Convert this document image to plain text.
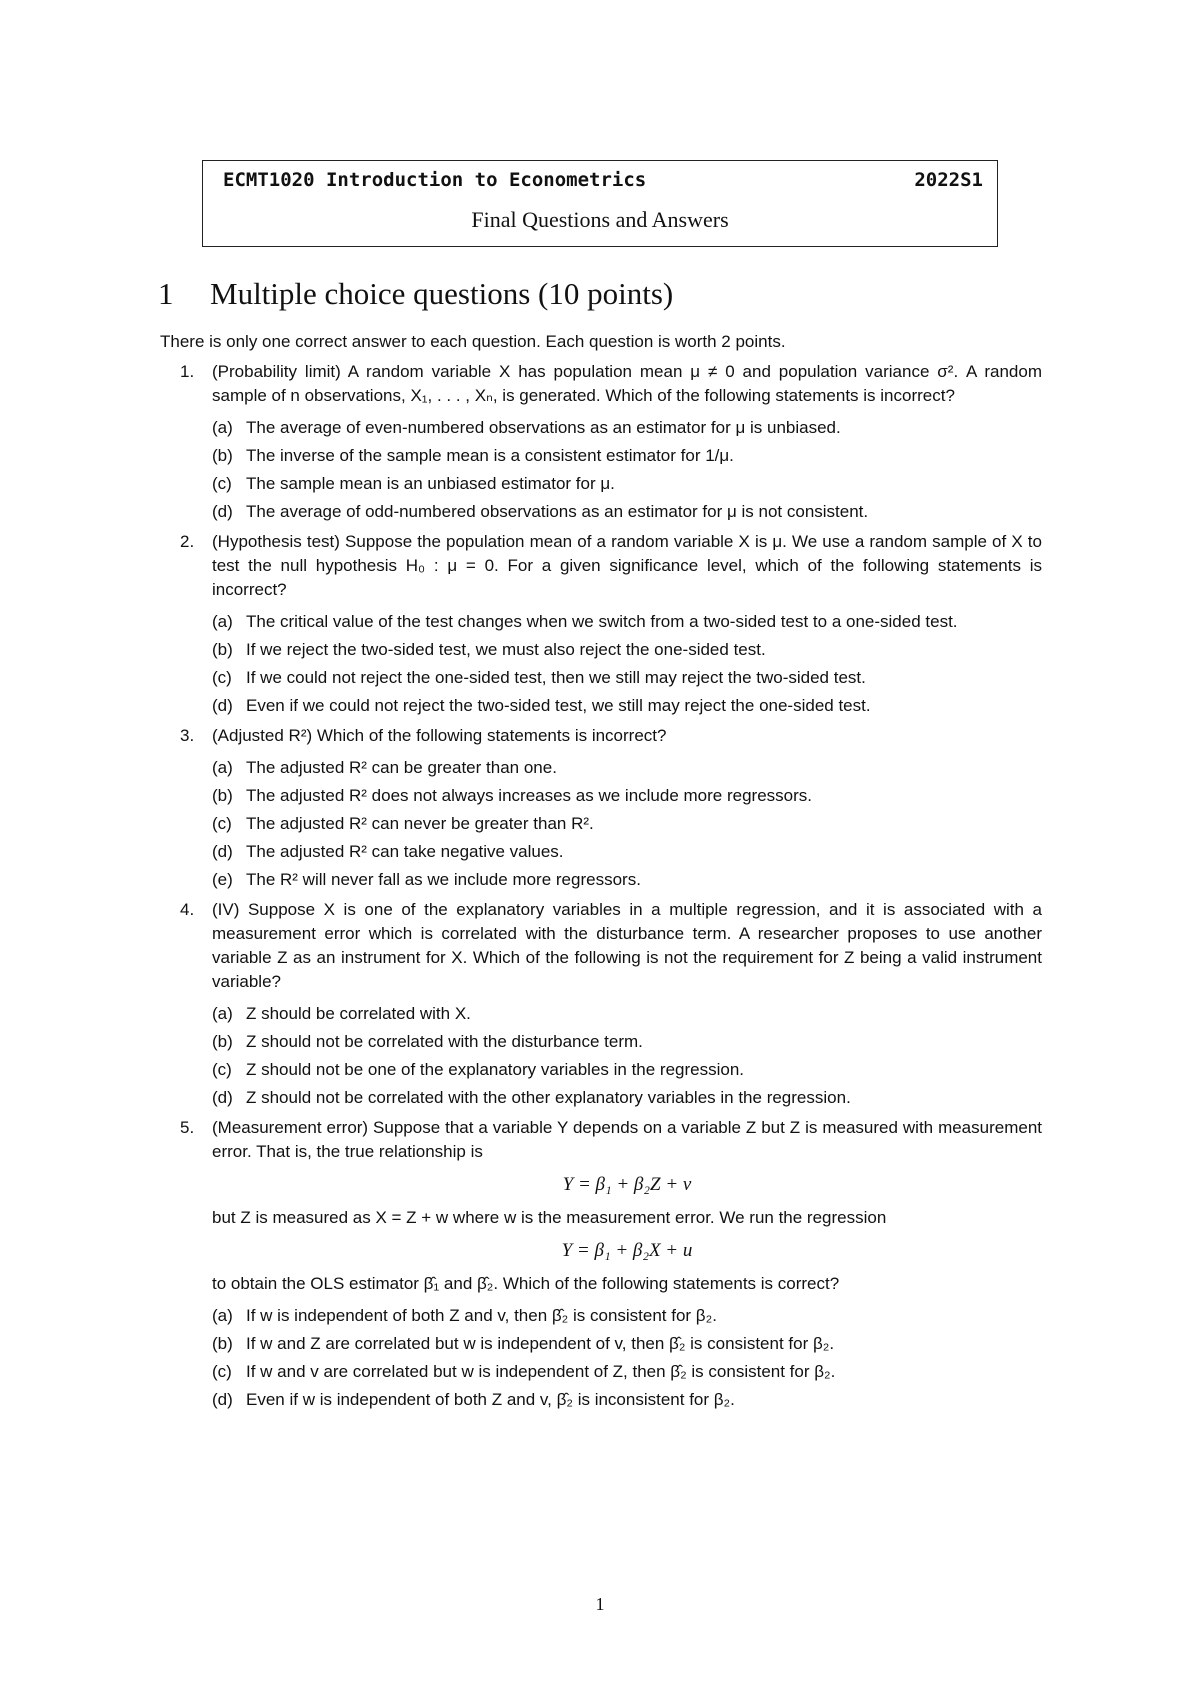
ECMT1020 Introduction to Econometrics	2022S1
Final Questions and Answers
1 Multiple choice questions (10 points)

There is only one correct answer to each question. Each question is worth 2 points.

1. (Probability limit) A random variable X has population mean μ ≠ 0 and population variance σ². A random sample of n observations, X₁, . . . , Xₙ, is generated. Which of the following statements is incorrect?

(a) The average of even-numbered observations as an estimator for μ is unbiased.
(b) The inverse of the sample mean is a consistent estimator for 1/μ.
(c) The sample mean is an unbiased estimator for μ.
(d) The average of odd-numbered observations as an estimator for μ is not consistent.
2. (Hypothesis test) Suppose the population mean of a random variable X is μ. We use a random sample of X to test the null hypothesis H₀ : μ = 0. For a given significance level, which of the following statements is incorrect?

(a) The critical value of the test changes when we switch from a two-sided test to a one-sided test.
(b) If we reject the two-sided test, we must also reject the one-sided test.
(c) If we could not reject the one-sided test, then we still may reject the two-sided test.
(d) Even if we could not reject the two-sided test, we still may reject the one-sided test.
3. (Adjusted R²) Which of the following statements is incorrect?

(a) The adjusted R² can be greater than one.
(b) The adjusted R² does not always increases as we include more regressors.
(c) The adjusted R² can never be greater than R².
(d) The adjusted R² can take negative values.
(e) The R² will never fall as we include more regressors.
4. (IV) Suppose X is one of the explanatory variables in a multiple regression, and it is associated with a measurement error which is correlated with the disturbance term. A researcher proposes to use another variable Z as an instrument for X. Which of the following is not the requirement for Z being a valid instrument variable?

(a) Z should be correlated with X.
(b) Z should not be correlated with the disturbance term.
(c) Z should not be one of the explanatory variables in the regression.
(d) Z should not be correlated with the other explanatory variables in the regression.
5. (Measurement error) Suppose that a variable Y depends on a variable Z but Z is measured with measurement error. That is, the true relationship is

Y = β₁ + β₂Z + v

but Z is measured as X = Z + w where w is the measurement error. We run the regression

Y = β₁ + β₂X + u

to obtain the OLS estimator β̂₁ and β̂₂. Which of the following statements is correct?

(a) If w is independent of both Z and v, then β̂₂ is consistent for β₂.
(b) If w and Z are correlated but w is independent of v, then β̂₂ is consistent for β₂.
(c) If w and v are correlated but w is independent of Z, then β̂₂ is consistent for β₂.
(d) Even if w is independent of both Z and v, β̂₂ is inconsistent for β₂.
1
